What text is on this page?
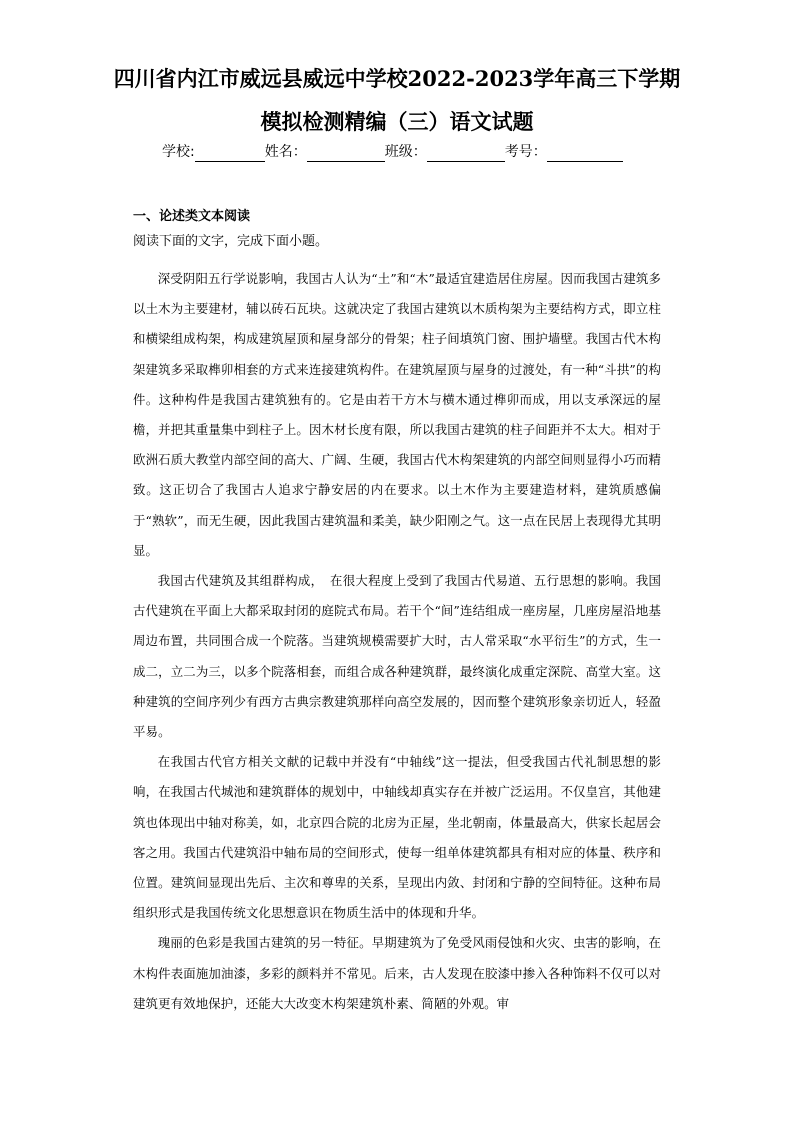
四川省内江市威远县威远中学校2022-2023学年高三下学期
模拟检测精编（三）语文试题
学校:	姓名：	班级：	考号：
一、论述类文本阅读
阅读下面的文字，完成下面小题。

深受阴阳五行学说影响，我国古人认为“土”和“木”最适宜建造居住房屋。因而我国古建筑多以土木为主要建材，辅以砖石瓦块。这就决定了我国古建筑以木质构架为主要结构方式，即立柱和横梁组成构架，构成建筑屋顶和屋身部分的骨架；柱子间填筑门窗、围护墙壁。我国古代木构架建筑多采取榫卯相套的方式来连接建筑构件。在建筑屋顶与屋身的过渡处，有一种“斗拱”的构件。这种构件是我国古建筑独有的。它是由若干方木与横木通过榫卯而成，用以支承深远的屋檐，并把其重量集中到柱子上。因木材长度有限，所以我国古建筑的柱子间距并不太大。相对于欧洲石质大教堂内部空间的高大、广阔、生硬，我国古代木构架建筑的内部空间则显得小巧而精致。这正切合了我国古人追求宁静安居的内在要求。以土木作为主要建造材料，建筑质感偏于“熟软”，而无生硬，因此我国古建筑温和柔美，缺少阳刚之气。这一点在民居上表现得尤其明显。

我国古代建筑及其组群构成，　在很大程度上受到了我国古代易道、五行思想的影响。我国古代建筑在平面上大都采取封闭的庭院式布局。若干个“间”连结组成一座房屋，几座房屋沿地基周边布置，共同围合成一个院落。当建筑规模需要扩大时，古人常采取“水平衍生”的方式，生一成二，立二为三，以多个院落相套，而组合成各种建筑群，最终演化成重定深院、高堂大室。这种建筑的空间序列少有西方古典宗教建筑那样向高空发展的，因而整个建筑形象亲切近人，轻盈平易。

在我国古代官方相关文献的记载中并没有“中轴线”这一提法，但受我国古代礼制思想的影响，在我国古代城池和建筑群体的规划中，中轴线却真实存在并被广泛运用。不仅皇宫，其他建筑也体现出中轴对称美，如，北京四合院的北房为正屋，坐北朝南，体量最高大，供家长起居会客之用。我国古代建筑沿中轴布局的空间形式，使每一组单体建筑都具有相对应的体量、秩序和位置。建筑间显现出先后、主次和尊卑的关系，呈现出内敛、封闭和宁静的空间特征。这种布局组织形式是我国传统文化思想意识在物质生活中的体现和升华。

瑰丽的色彩是我国古建筑的另一特征。早期建筑为了免受风雨侵蚀和火灾、虫害的影响，在木构件表面施加油漆，多彩的颜料并不常见。后来，古人发现在胶漆中掺入各种饰料不仅可以对建筑更有效地保护，还能大大改变木构架建筑朴素、简陋的外观。审
